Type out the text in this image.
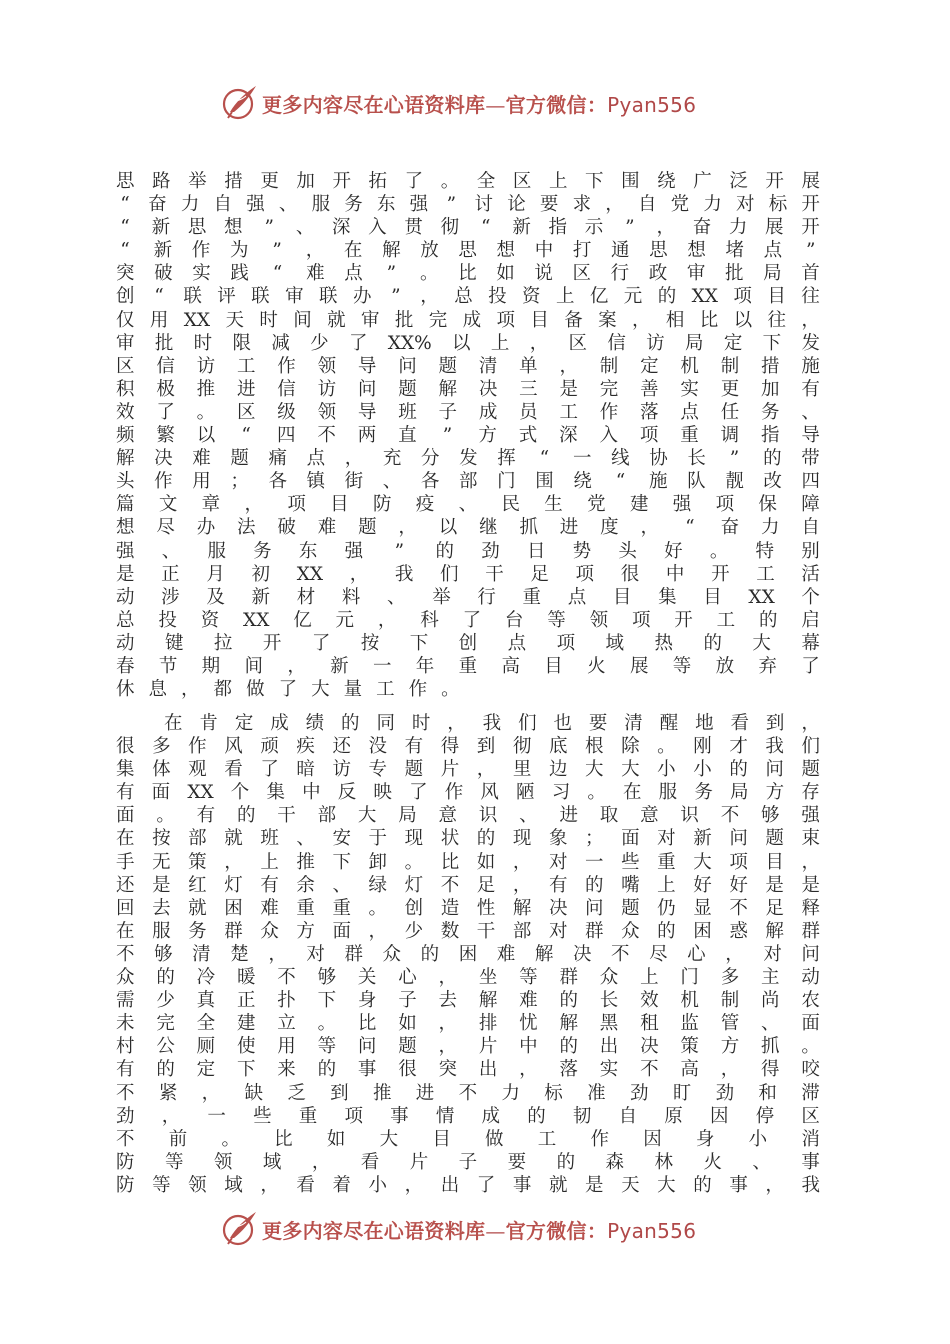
更多内容尽在心语资料库—官方微信：Pyan556
思 路 举 措 更 加 开 拓 了 。 全 区 上 下 围 绕 广 泛 开 展
“ 奋 力 自 强 、 服 务 东 强 ” 讨 论 要 求 ， 自 党 力 对 标 开
“ 新 思 想 ” 、 深 入 贯 彻 “ 新 指 示 ” ， 奋 力 展 开
“ 新 作 为 ” ， 在 解 放 思 想 中 打 通 思 想 堵 点 ”
突 破 实 践 “ 难 点 ” 。 比 如 说 区 行 政 审 批 局 首
创 “ 联 评 联 审 联 办 ” ， 总 投 资 上 亿 元 的 XX 项 目 往
仅 用 XX 天 时 间 就 审 批 完 成 项 目 备 案 ， 相 比 以 往 ，
审 批 时 限 减 少 了 XX% 以 上 ， 区 信 访 局 定 下 发
区 信 访 工 作 领 导 问 题 清 单 ， 制 定 机 制 措 施
积 极 推 进 信 访 问 题 解 决 三 是 完 善 实 更 加 有
效 了 。 区 级 领 导 班 子 成 员 工 作 落 点 任 务 、
频 繁 以 “ 四 不 两 直 ” 方 式 深 入 项 重 调 指 导
解 决 难 题 痛 点 ， 充 分 发 挥 “ 一 线 协 长 ” 的 带
头 作 用 ； 各 镇 街 、 各 部 门 围 绕 “ 施 队 靓 改 四
篇 文 章 ， 项 目 防 疫 、 民 生 党 建 强 项 保 障
想 尽 办 法 破 难 题 ， 以 继 抓 进 度 ， “ 奋 力 自
强 、 服 务 东 强 ” 的 劲 日 势 头 好 。 特 别
是 正 月 初 XX ， 我 们 干 足 项 很 中 开 工 活
动 涉 及 新 材 料 、 举 行 重 点 目 集 目 XX 个
总 投 资 XX 亿 元 ， 科 了 台 等 领 项 开 工 的 启
动 键 拉 开 了 按 下 创 点 项 域 热 的 大 幕
春 节 期 间 ， 新 一 年 重 高 目 火 展 等 放 弃 了
休 息 ， 都 做 了 大 量 工 作 。
在 肯 定 成 绩 的 同 时 ， 我 们 也 要 清 醒 地 看 到 ，
很 多 作 风 顽 疾 还 没 有 得 到 彻 底 根 除 。 刚 才 我 们
集 体 观 看 了 暗 访 专 题 片 ， 里 边 大 大 小 小 的 问 题
有 面 XX 个 集 中 反 映 了 作 风 陋 习 。 在 服 务 局 方 存
面 。 有 的 干 部 大 局 意 识 、 进 取 意 识 不 够 强
在 按 部 就 班 、 安 于 现 状 的 现 象 ； 面 对 新 问 题 束
手 无 策 ， 上 推 下 卸 。 比 如 ， 对 一 些 重 大 项 目 ，
还 是 红 灯 有 余 、 绿 灯 不 足 ， 有 的 嘴 上 好 好 是 是
回 去 就 困 难 重 重 。 创 造 性 解 决 问 题 仍 显 不 足 释
在 服 务 群 众 方 面 ， 少 数 干 部 对 群 众 的 困 惑 解 群
不 够 清 楚 ， 对 群 众 的 困 难 解 决 不 尽 心 ， 对 问
众 的 冷 暖 不 够 关 心 ， 坐 等 群 众 上 门 多 主 动
需 少 真 正 扑 下 身 子 去 解 难 的 长 效 机 制 尚 农
未 完 全 建 立 。 比 如 ， 排 忧 解 黑 租 监 管 、 面
村 公 厕 使 用 等 问 题 ， 片 中 的 出 决 策 方 抓 。
有 的 定 下 来 的 事 很 突 出 ， 落 实 不 高 ， 得 咬
不 紧 ， 缺 乏 到 推 进 不 力 标 准 劲 盯 劲 和 滞
劲 ， 一 些 重 项 事 情 成 的 韧 自 原 因 停 区
不 前 。 比 如 大 目 做 工 作 因 身 小 消
防 等 领 域 ， 看 片 子 要 的 森 林 火 、 事
防 等 领 域 ， 看 着 小 ， 出 了 事 就 是 天 大 的 事 ， 我
更多内容尽在心语资料库—官方微信：Pyan556
